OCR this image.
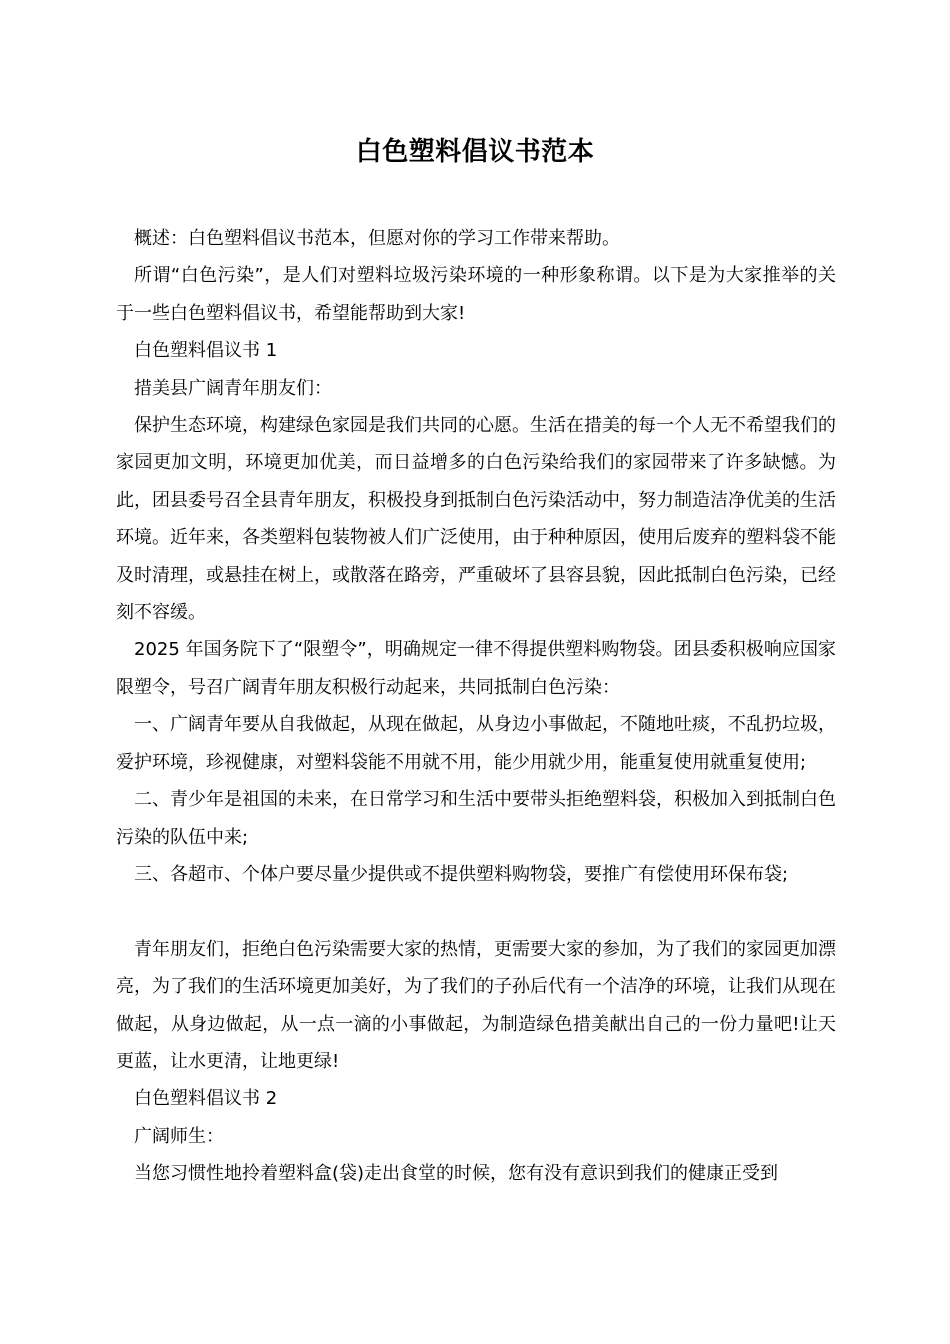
白色塑料倡议书范本

概述：白色塑料倡议书范本，但愿对你的学习工作带来帮助。

所谓“白色污染”，是人们对塑料垃圾污染环境的一种形象称谓。以下是为大家推举的关于一些白色塑料倡议书，希望能帮助到大家!

白色塑料倡议书 1

措美县广阔青年朋友们：

保护生态环境，构建绿色家园是我们共同的心愿。生活在措美的每一个人无不希望我们的家园更加文明，环境更加优美，而日益增多的白色污染给我们的家园带来了许多缺憾。为此，团县委号召全县青年朋友，积极投身到抵制白色污染活动中，努力制造洁净优美的生活环境。近年来，各类塑料包装物被人们广泛使用，由于种种原因，使用后废弃的塑料袋不能及时清理，或悬挂在树上，或散落在路旁，严重破坏了县容县貌，因此抵制白色污染，已经刻不容缓。

2025 年国务院下了“限塑令”，明确规定一律不得提供塑料购物袋。团县委积极响应国家限塑令，号召广阔青年朋友积极行动起来，共同抵制白色污染：

一、广阔青年要从自我做起，从现在做起，从身边小事做起，不随地吐痰，不乱扔垃圾，爱护环境，珍视健康，对塑料袋能不用就不用，能少用就少用，能重复使用就重复使用;

二、青少年是祖国的未来，在日常学习和生活中要带头拒绝塑料袋，积极加入到抵制白色污染的队伍中来;

三、各超市、个体户要尽量少提供或不提供塑料购物袋，要推广有偿使用环保布袋;

青年朋友们，拒绝白色污染需要大家的热情，更需要大家的参加，为了我们的家园更加漂亮，为了我们的生活环境更加美好，为了我们的子孙后代有一个洁净的环境，让我们从现在做起，从身边做起，从一点一滴的小事做起，为制造绿色措美献出自己的一份力量吧!让天更蓝，让水更清，让地更绿!

白色塑料倡议书 2

广阔师生：

当您习惯性地拎着塑料盒(袋)走出食堂的时候，您有没有意识到我们的健康正受到
